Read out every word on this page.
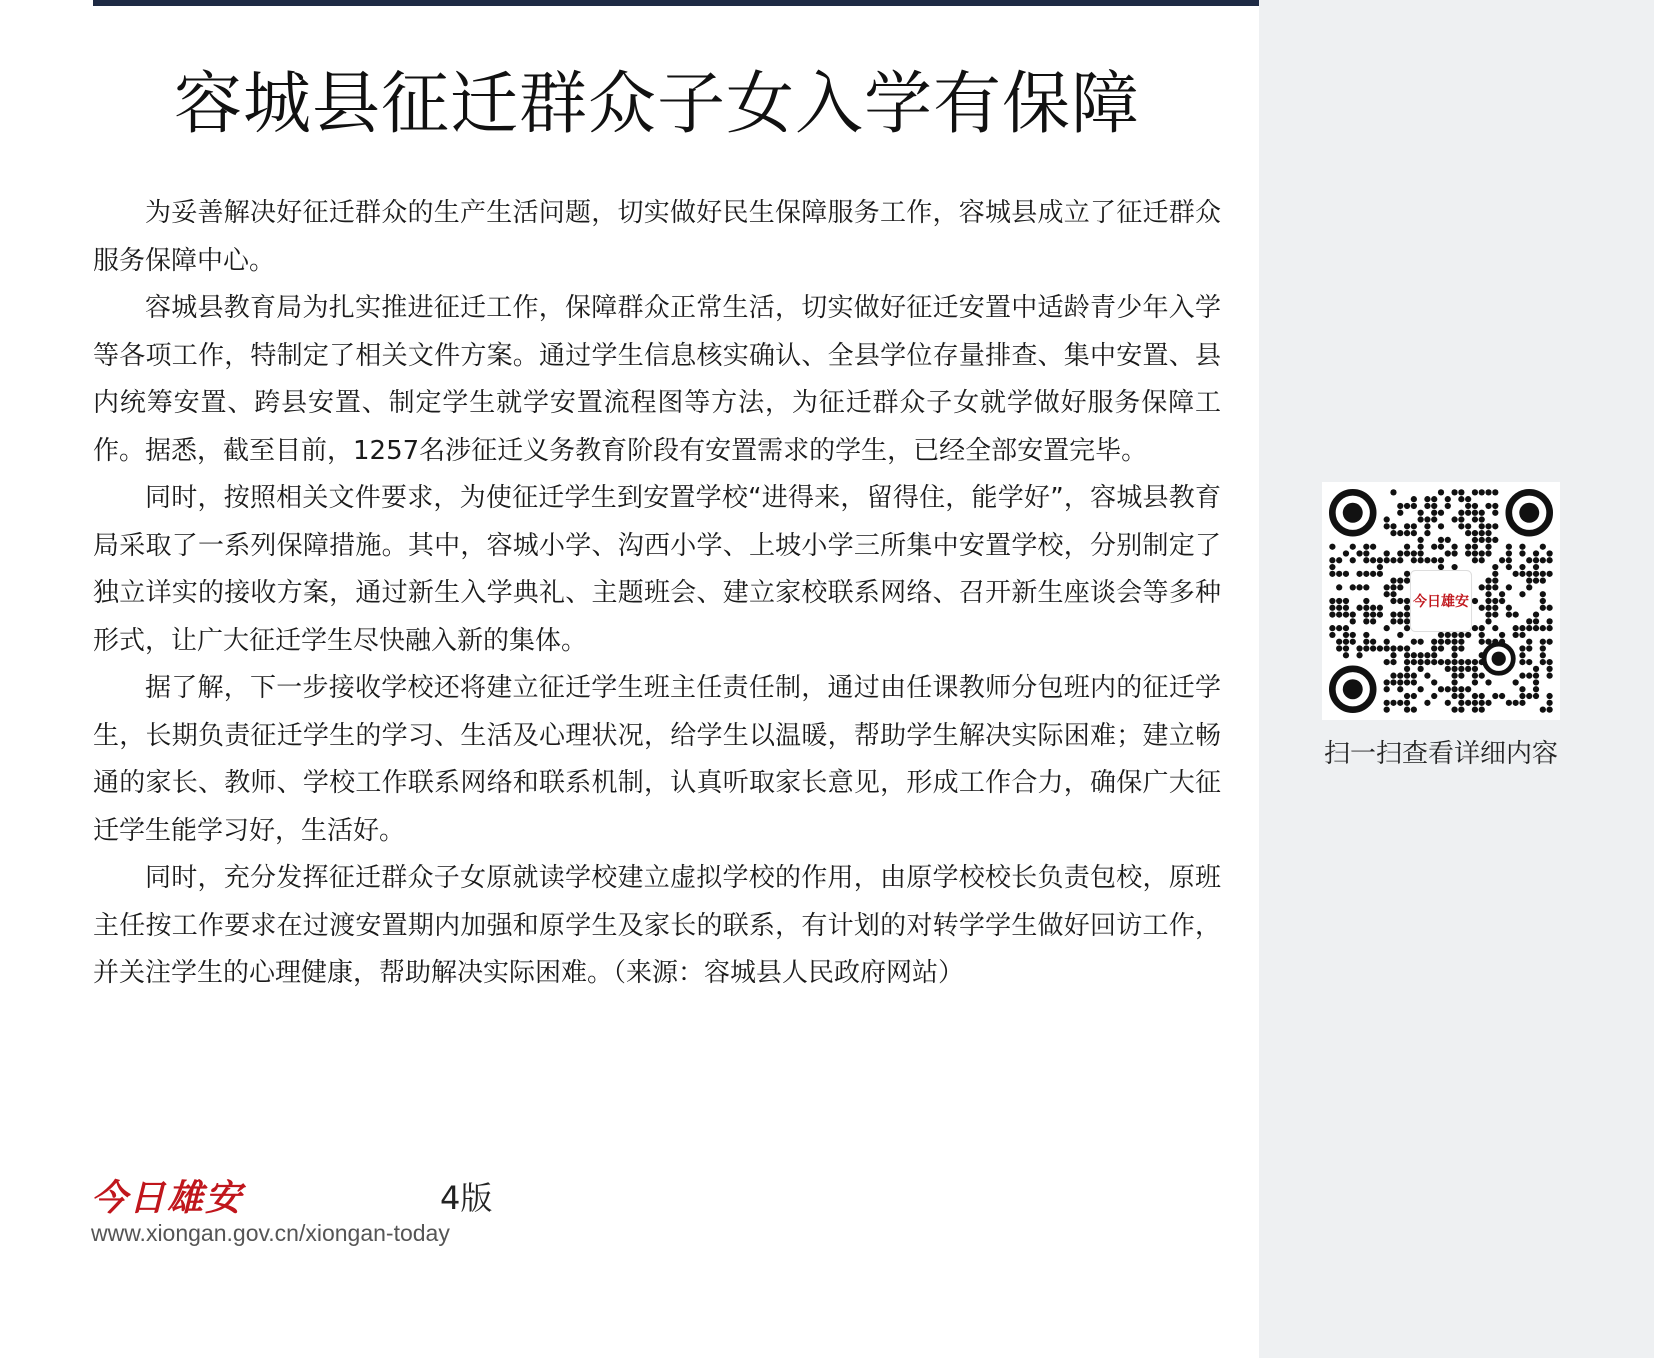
容城县征迁群众子女入学有保障

为妥善解决好征迁群众的生产生活问题，切实做好民生保障服务工作，容城县成立了征迁群众服务保障中心。

容城县教育局为扎实推进征迁工作，保障群众正常生活，切实做好征迁安置中适龄青少年入学等各项工作，特制定了相关文件方案。通过学生信息核实确认、全县学位存量排查、集中安置、县内统筹安置、跨县安置、制定学生就学安置流程图等方法，为征迁群众子女就学做好服务保障工作。据悉，截至目前，1257名涉征迁义务教育阶段有安置需求的学生，已经全部安置完毕。

同时，按照相关文件要求，为使征迁学生到安置学校“进得来，留得住，能学好”，容城县教育局采取了一系列保障措施。其中，容城小学、沟西小学、上坡小学三所集中安置学校，分别制定了独立详实的接收方案，通过新生入学典礼、主题班会、建立家校联系网络、召开新生座谈会等多种形式，让广大征迁学生尽快融入新的集体。

据了解，下一步接收学校还将建立征迁学生班主任责任制，通过由任课教师分包班内的征迁学生，长期负责征迁学生的学习、生活及心理状况，给学生以温暖，帮助学生解决实际困难；建立畅通的家长、教师、学校工作联系网络和联系机制，认真听取家长意见，形成工作合力，确保广大征迁学生能学习好，生活好。

同时，充分发挥征迁群众子女原就读学校建立虚拟学校的作用，由原学校校长负责包校，原班主任按工作要求在过渡安置期内加强和原学生及家长的联系，有计划的对转学学生做好回访工作，并关注学生的心理健康，帮助解决实际困难。（来源：容城县人民政府网站）

今日雄安
扫一扫查看详细内容
今日雄安	4版
www.xiongan.gov.cn/xiongan-today
